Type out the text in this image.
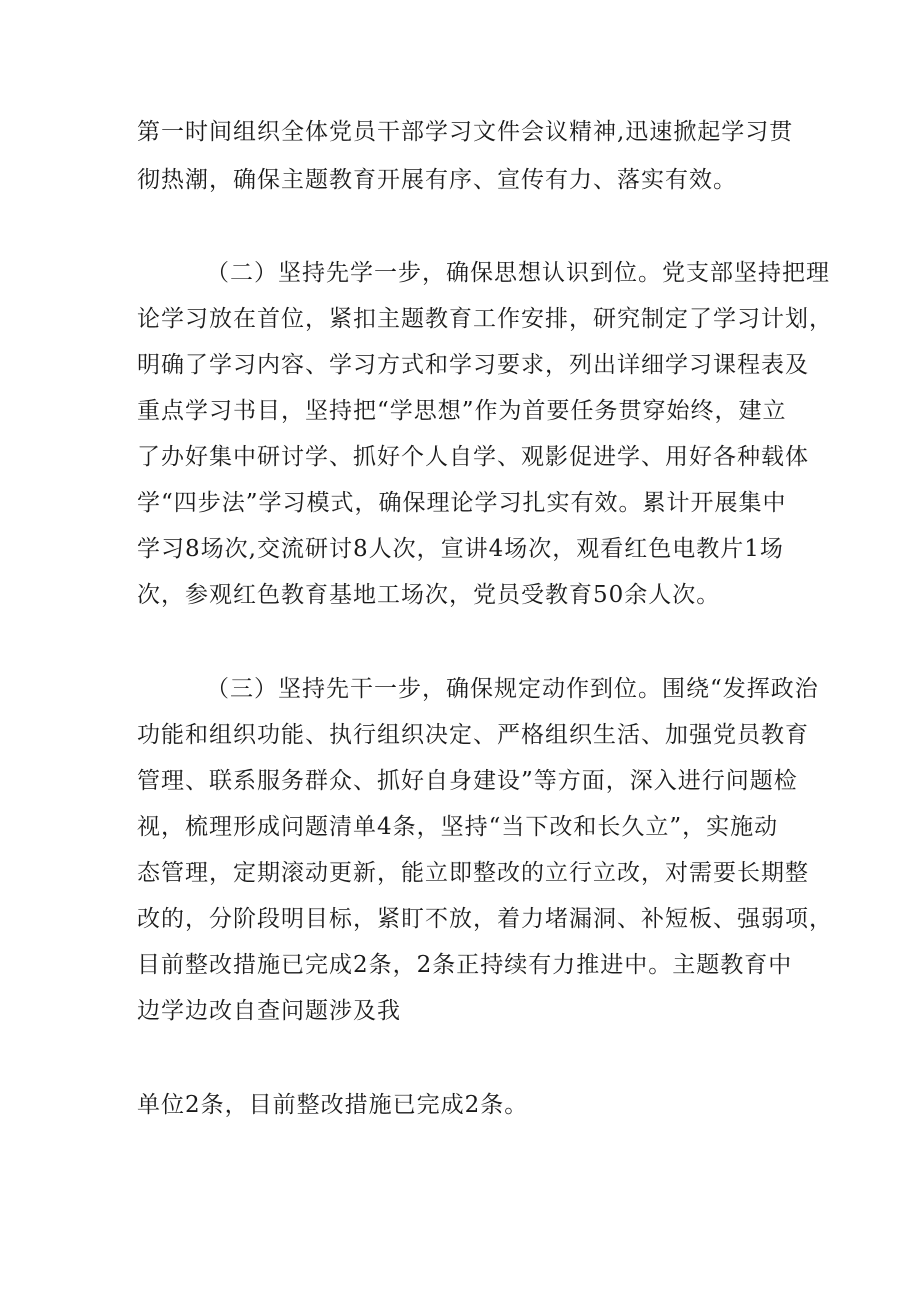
第一时间组织全体党员干部学习文件会议精神,迅速掀起学习贯
彻热潮，确保主题教育开展有序、宣传有力、落实有效。
（二）坚持先学一步，确保思想认识到位。党支部坚持把理
论学习放在首位，紧扣主题教育工作安排，研究制定了学习计划，
明确了学习内容、学习方式和学习要求，列出详细学习课程表及
重点学习书目，坚持把“学思想”作为首要任务贯穿始终，建立
了办好集中研讨学、抓好个人自学、观影促进学、用好各种载体
学“四步法”学习模式，确保理论学习扎实有效。累计开展集中
学习8场次,交流研讨8人次，宣讲4场次，观看红色电教片1场
次，参观红色教育基地工场次，党员受教育50余人次。
（三）坚持先干一步，确保规定动作到位。围绕“发挥政治
功能和组织功能、执行组织决定、严格组织生活、加强党员教育
管理、联系服务群众、抓好自身建设”等方面，深入进行问题检
视，梳理形成问题清单4条，坚持“当下改和长久立”，实施动
态管理，定期滚动更新，能立即整改的立行立改，对需要长期整
改的，分阶段明目标，紧盯不放，着力堵漏洞、补短板、强弱项，
目前整改措施已完成2条，2条正持续有力推进中。主题教育中
边学边改自查问题涉及我
单位2条，目前整改措施已完成2条。
